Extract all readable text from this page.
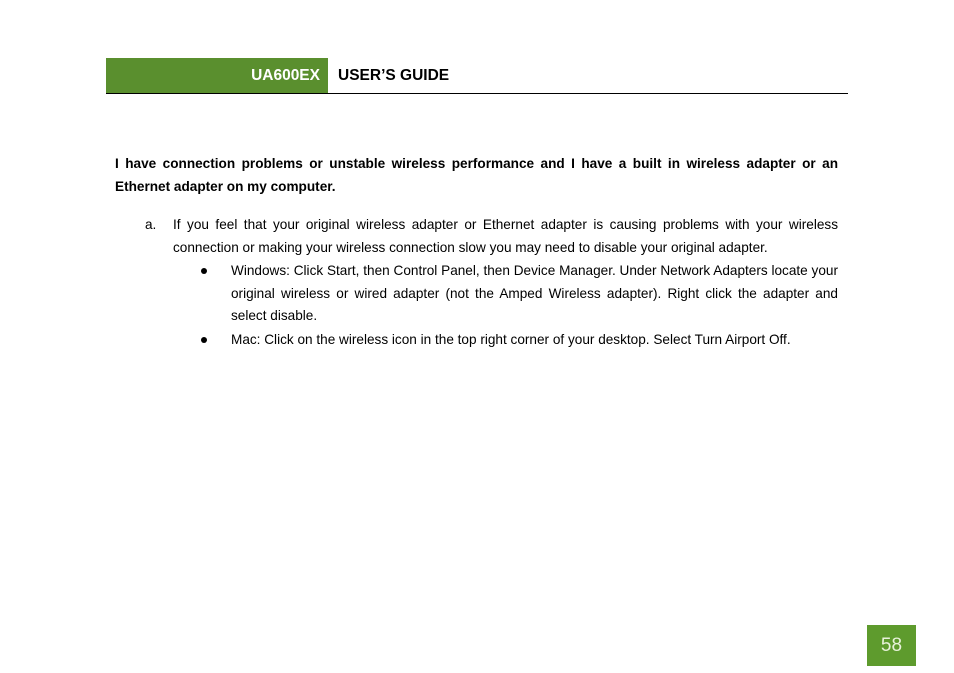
UA600EX USER’S GUIDE

I have connection problems or unstable wireless performance and I have a built in wireless adapter or an Ethernet adapter on my computer.

a. If you feel that your original wireless adapter or Ethernet adapter is causing problems with your wireless connection or making your wireless connection slow you may need to disable your original adapter.

Windows: Click Start, then Control Panel, then Device Manager. Under Network Adapters locate your original wireless or wired adapter (not the Amped Wireless adapter). Right click the adapter and select disable.
Mac: Click on the wireless icon in the top right corner of your desktop. Select Turn Airport Off.
58
